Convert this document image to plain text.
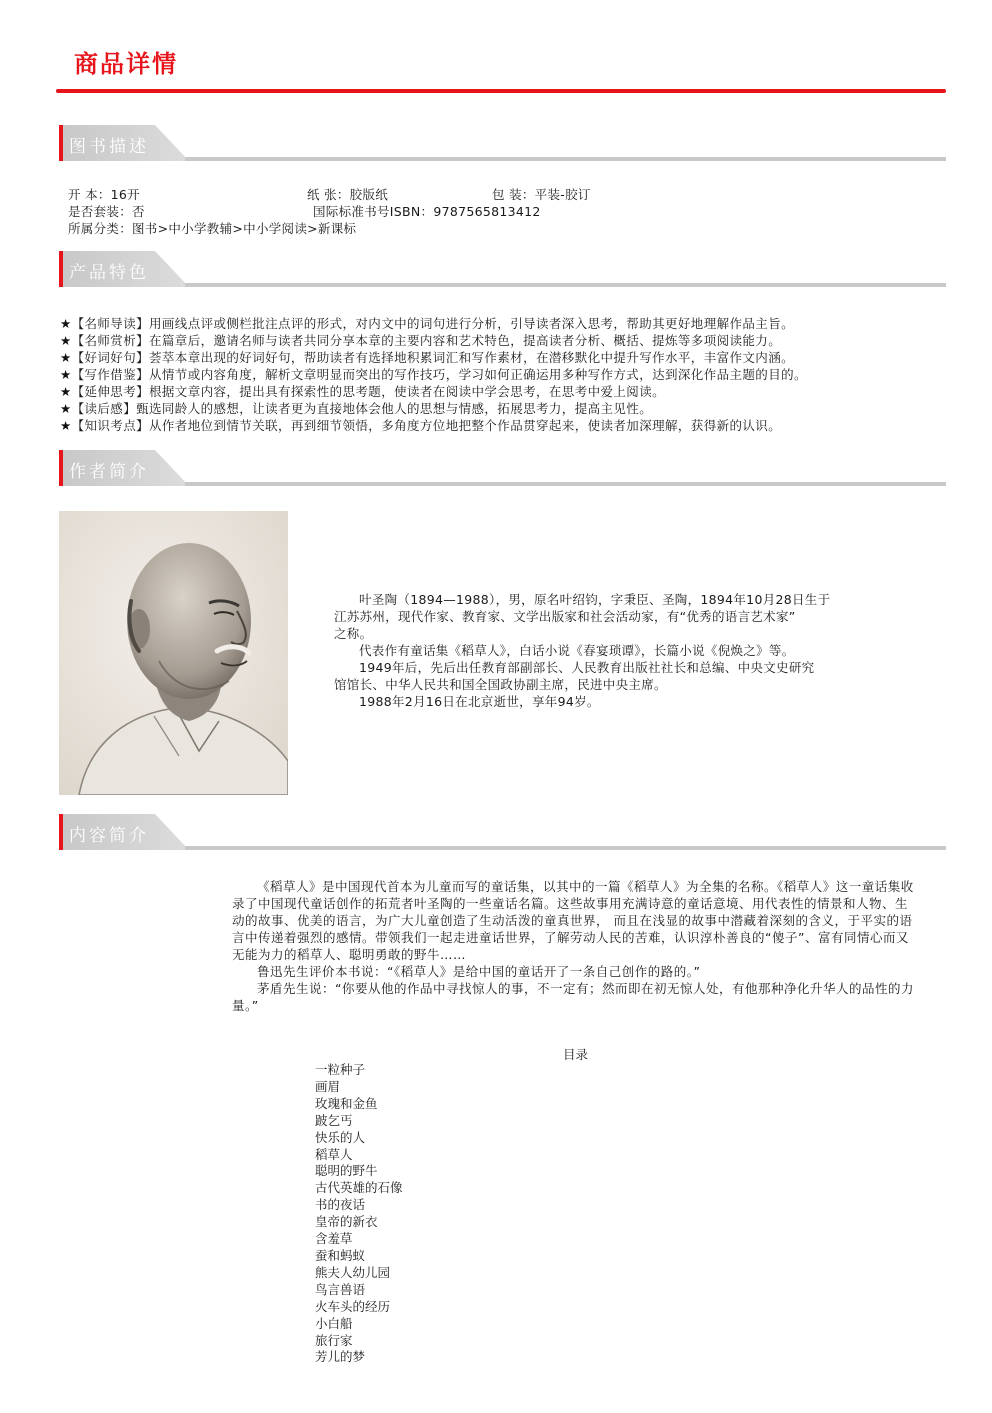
商品详情
图书描述
开 本：16开	纸 张：胶版纸	包 装：平装-胶订
是否套装：否	国际标准书号ISBN：9787565813412
所属分类：图书>中小学教辅>中小学阅读>新课标
产品特色
★【名师导读】用画线点评或侧栏批注点评的形式，对内文中的词句进行分析，引导读者深入思考，帮助其更好地理解作品主旨。
★【名师赏析】在篇章后，邀请名师与读者共同分享本章的主要内容和艺术特色，提高读者分析、概括、提炼等多项阅读能力。
★【好词好句】荟萃本章出现的好词好句，帮助读者有选择地积累词汇和写作素材，在潜移默化中提升写作水平，丰富作文内涵。
★【写作借鉴】从情节或内容角度，解析文章明显而突出的写作技巧，学习如何正确运用多种写作方式，达到深化作品主题的目的。
★【延伸思考】根据文章内容，提出具有探索性的思考题，使读者在阅读中学会思考，在思考中爱上阅读。
★【读后感】甄选同龄人的感想，让读者更为直接地体会他人的思想与情感，拓展思考力，提高主见性。
★【知识考点】从作者地位到情节关联，再到细节领悟，多角度方位地把整个作品贯穿起来，使读者加深理解，获得新的认识。
作者简介

叶圣陶（1894—1988），男，原名叶绍钧，字秉臣、圣陶，1894年10月28日生于

江苏苏州，现代作家、教育家、文学出版家和社会活动家，有“优秀的语言艺术家”

之称。

代表作有童话集《稻草人》，白话小说《春宴琐谭》，长篇小说《倪焕之》等。

1949年后，先后出任教育部副部长、人民教育出版社社长和总编、中央文史研究

馆馆长、中华人民共和国全国政协副主席，民进中央主席。

1988年2月16日在北京逝世，享年94岁。

内容简介

《稻草人》是中国现代首本为儿童而写的童话集，以其中的一篇《稻草人》为全集的名称。《稻草人》这一童话集收录了中国现代童话创作的拓荒者叶圣陶的一些童话名篇。这些故事用充满诗意的童话意境、用代表性的情景和人物、生动的故事、优美的语言，为广大儿童创造了生动活泼的童真世界， 而且在浅显的故事中潜藏着深刻的含义，于平实的语言中传递着强烈的感情。带领我们一起走进童话世界，了解劳动人民的苦难，认识淳朴善良的“傻子”、富有同情心而又无能为力的稻草人、聪明勇敢的野牛……

鲁迅先生评价本书说：“《稻草人》是给中国的童话开了一条自己创作的路的。”

茅盾先生说：“你要从他的作品中寻找惊人的事，不一定有；然而即在初无惊人处，有他那种净化升华人的品性的力量。”

目录
一粒种子
画眉
玫瑰和金鱼
跛乞丐
快乐的人
稻草人
聪明的野牛
古代英雄的石像
书的夜话
皇帝的新衣
含羞草
蚕和蚂蚁
熊夫人幼儿园
鸟言兽语
火车头的经历
小白船
旅行家
芳儿的梦
